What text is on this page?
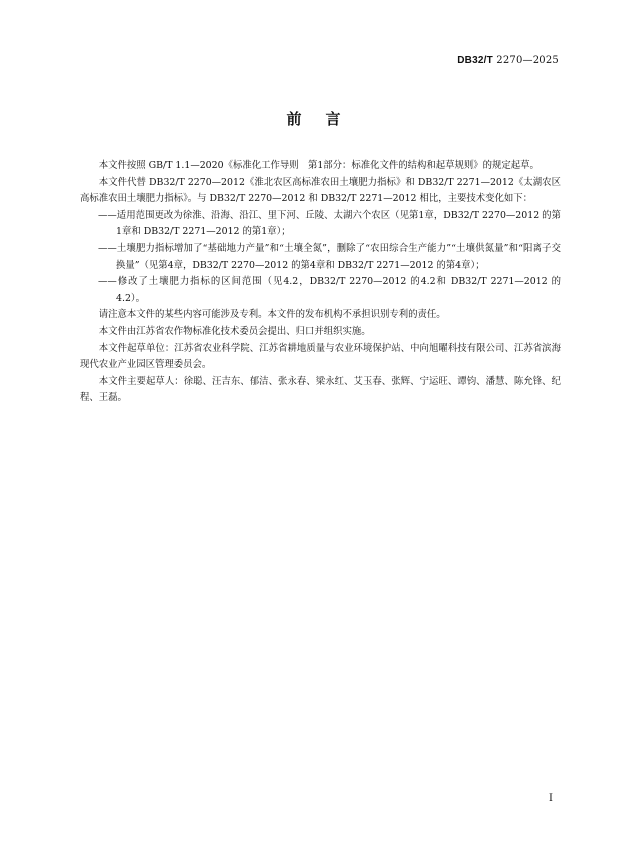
DB32/T 2270—2025
前言

本文件按照 GB/T 1.1—2020《标准化工作导则　第1部分：标准化文件的结构和起草规则》的规定起草。

本文件代替 DB32/T 2270—2012《淮北农区高标准农田土壤肥力指标》和 DB32/T 2271—2012《太湖农区高标准农田土壤肥力指标》。与 DB32/T 2270—2012 和 DB32/T 2271—2012 相比，主要技术变化如下：

——适用范围更改为徐淮、沿海、沿江、里下河、丘陵、太湖六个农区（见第1章，DB32/T 2270—2012 的第1章和 DB32/T 2271—2012 的第1章）；

——土壤肥力指标增加了“基础地力产量”和“土壤全氮”，删除了“农田综合生产能力”“土壤供氮量”和“阳离子交换量”（见第4章，DB32/T 2270—2012 的第4章和 DB32/T 2271—2012 的第4章）；

——修改了土壤肥力指标的区间范围（见4.2，DB32/T 2270—2012 的4.2和 DB32/T 2271—2012 的4.2）。

请注意本文件的某些内容可能涉及专利。本文件的发布机构不承担识别专利的责任。

本文件由江苏省农作物标准化技术委员会提出、归口并组织实施。

本文件起草单位：江苏省农业科学院、江苏省耕地质量与农业环境保护站、中向旭曜科技有限公司、江苏省滨海现代农业产业园区管理委员会。

本文件主要起草人：徐聪、汪吉东、郁洁、张永春、梁永红、艾玉春、张辉、宁运旺、谭钧、潘慧、陈允锋、纪程、王磊。

I
